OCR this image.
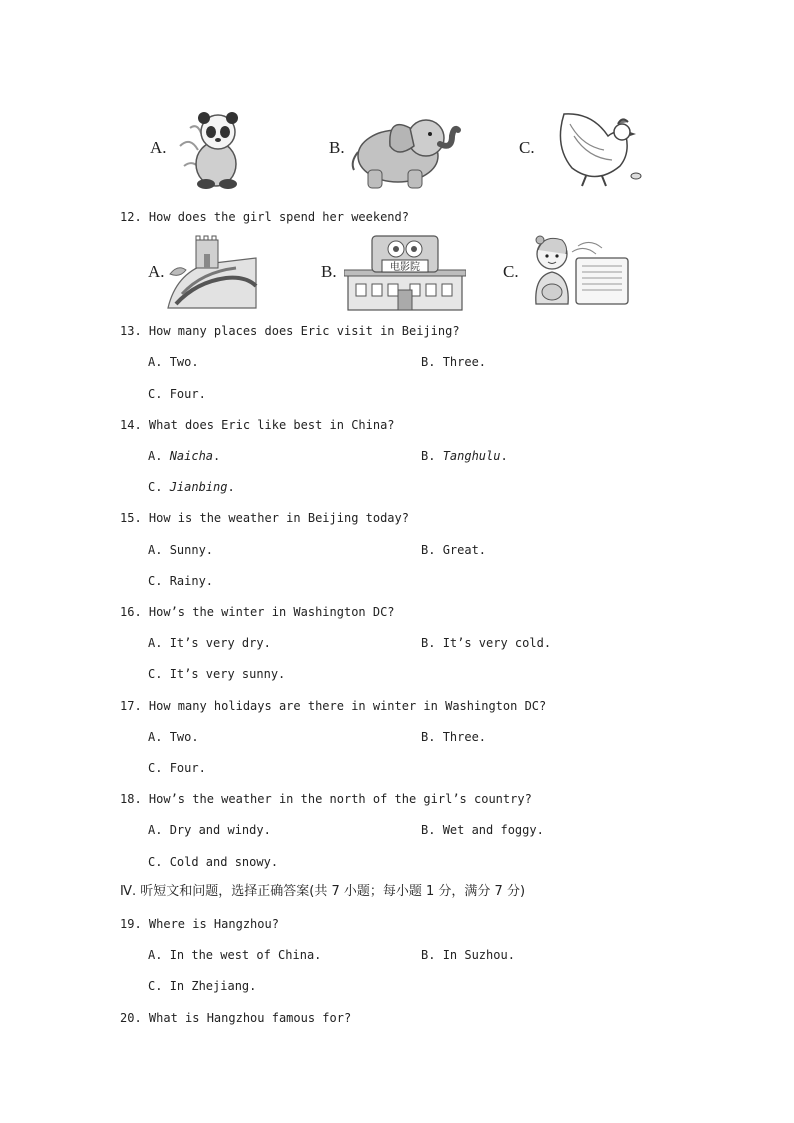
A.	B.	C.
12. How does the girl spend her weekend?
A.	B.	电影院	C.
13. How many places does Eric visit in Beijing?
A. Two.	B. Three.
C. Four.
14. What does Eric like best in China?
A. Naicha.	B. Tanghulu.
C. Jianbing.
15. How is the weather in Beijing today?
A. Sunny.	B. Great.
C. Rainy.
16. How’s the winter in Washington DC?
A. It’s very dry.	B. It’s very cold.
C. It’s very sunny.
17. How many holidays are there in winter in Washington DC?
A. Two.	B. Three.
C. Four.
18. How’s the weather in the north of the girl’s country?
A. Dry and windy.	B. Wet and foggy.
C. Cold and snowy.
Ⅳ. 听短文和问题，选择正确答案(共 7 小题；每小题 1 分，满分 7 分)
19. Where is Hangzhou?
A. In the west of China.	B. In Suzhou.
C. In Zhejiang.
20. What is Hangzhou famous for?
